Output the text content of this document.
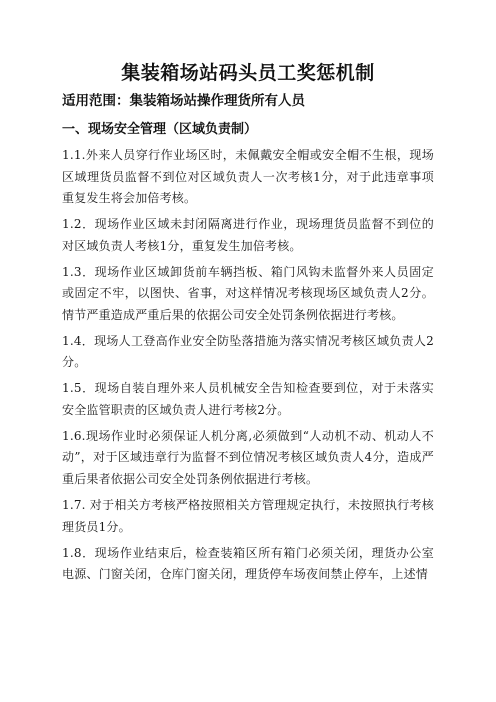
集装箱场站码头员工奖惩机制
适用范围：集装箱场站操作理货所有人员
一、现场安全管理（区域负责制）

1.1.外来人员穿行作业场区时，未佩戴安全帽或安全帽不生根，现场区域理货员监督不到位对区域负责人一次考核1分，对于此违章事项重复发生将会加倍考核。

1.2．现场作业区域未封闭隔离进行作业，现场理货员监督不到位的对区域负责人考核1分，重复发生加倍考核。

1.3．现场作业区域卸货前车辆挡板、箱门风钩未监督外来人员固定或固定不牢，以图快、省事，对这样情况考核现场区域负责人2分。情节严重造成严重后果的依据公司安全处罚条例依据进行考核。

1.4．现场人工登高作业安全防坠落措施为落实情况考核区域负责人2分。

1.5．现场自装自理外来人员机械安全告知检查要到位，对于未落实安全监管职责的区域负责人进行考核2分。

1.6.现场作业时必须保证人机分离,必须做到“人动机不动、机动人不动”，对于区域违章行为监督不到位情况考核区域负责人4分，造成严重后果者依据公司安全处罚条例依据进行考核。

1.7. 对于相关方考核严格按照相关方管理规定执行，未按照执行考核理货员1分。

1.8．现场作业结束后，检查装箱区所有箱门必须关闭，理货办公室电源、门窗关闭，仓库门窗关闭，理货停车场夜间禁止停车，上述情
